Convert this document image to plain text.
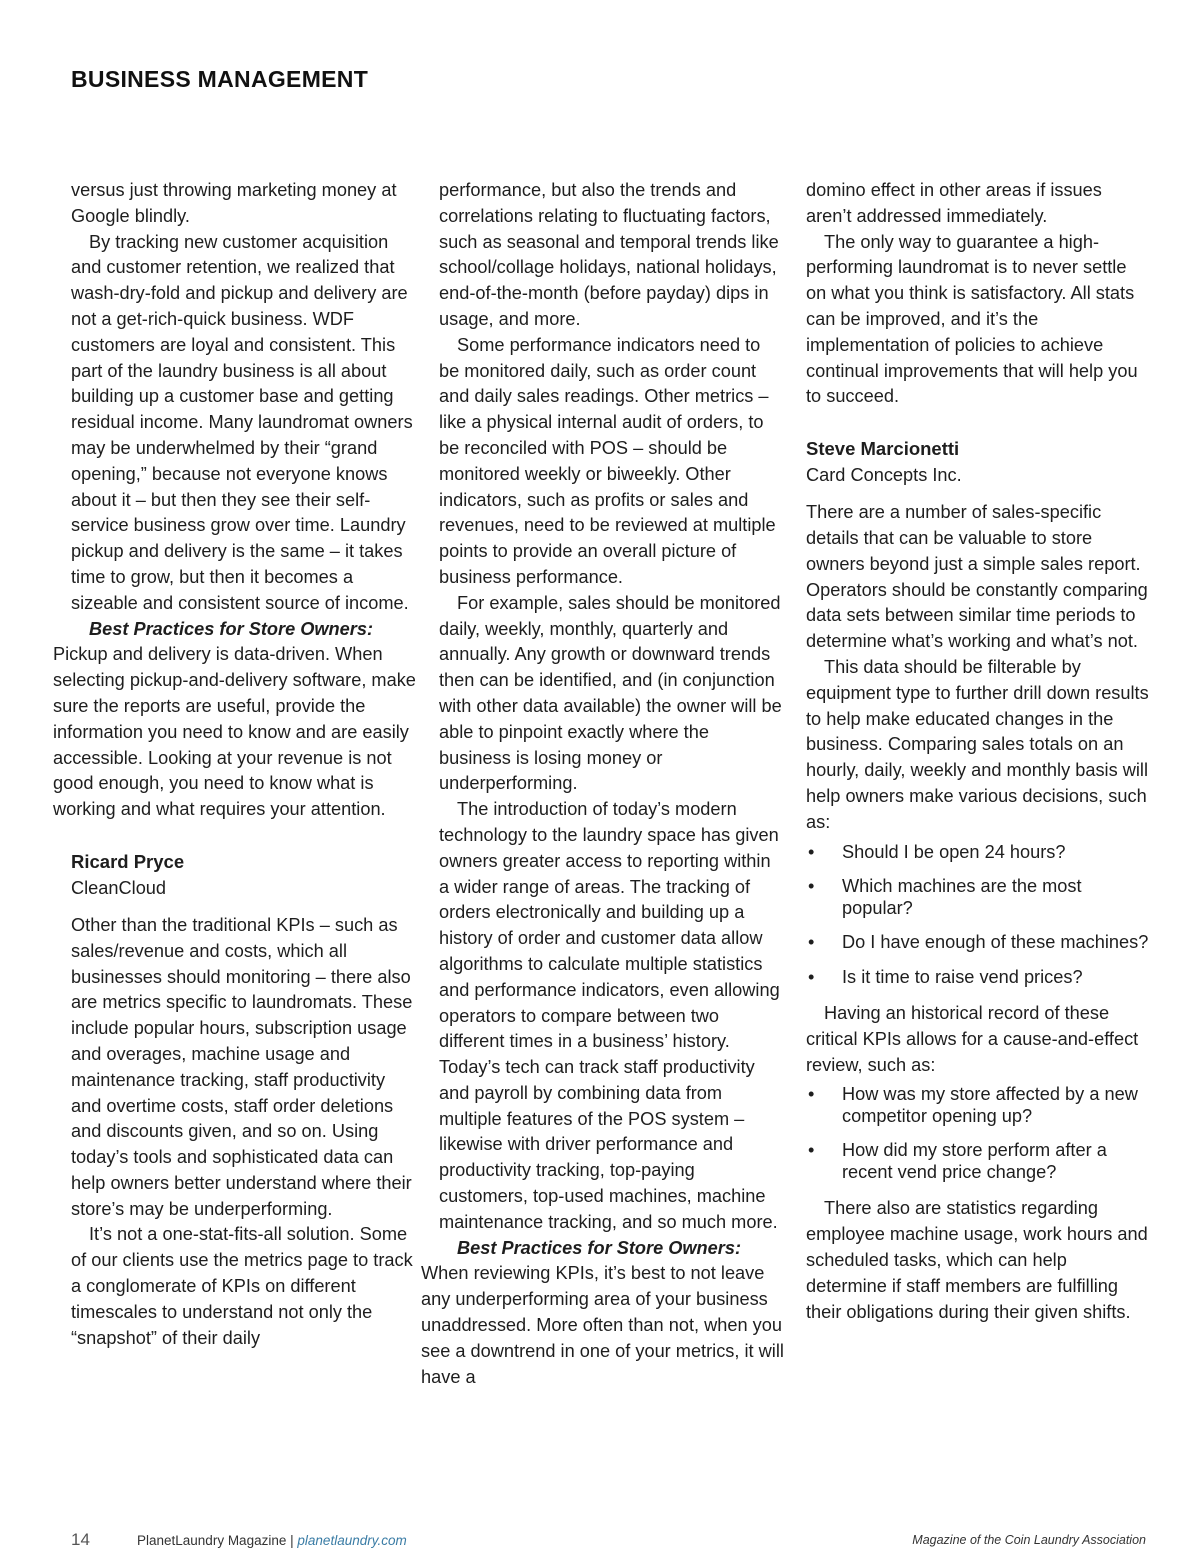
BUSINESS MANAGEMENT

versus just throwing marketing money at Google blindly.

By tracking new customer acquisition and customer retention, we realized that wash-dry-fold and pickup and delivery are not a get-rich-quick business. WDF customers are loyal and consistent. This part of the laundry business is all about building up a customer base and getting residual income. Many laundromat owners may be underwhelmed by their “grand opening,” because not everyone knows about it – but then they see their self-service business grow over time. Laundry pickup and delivery is the same – it takes time to grow, but then it becomes a sizeable and consistent source of income.

Best Practices for Store Owners:
Pickup and delivery is data-driven. When selecting pickup-and-delivery software, make sure the reports are useful, provide the information you need to know and are easily accessible. Looking at your revenue is not good enough, you need to know what is working and what requires your attention.

Ricard Pryce
CleanCloud

Other than the traditional KPIs – such as sales/revenue and costs, which all businesses should monitoring – there also are metrics specific to laundromats. These include popular hours, subscription usage and overages, machine usage and maintenance tracking, staff productivity and overtime costs, staff order deletions and discounts given, and so on. Using today’s tools and sophisticated data can help owners better understand where their store’s may be underperforming.

It’s not a one-stat-fits-all solution. Some of our clients use the metrics page to track a conglomerate of KPIs on different timescales to understand not only the “snapshot” of their daily

performance, but also the trends and correlations relating to fluctuating factors, such as seasonal and temporal trends like school/collage holidays, national holidays, end-of-the-month (before payday) dips in usage, and more.

Some performance indicators need to be monitored daily, such as order count and daily sales readings. Other metrics – like a physical internal audit of orders, to be reconciled with POS – should be monitored weekly or biweekly. Other indicators, such as profits or sales and revenues, need to be reviewed at multiple points to provide an overall picture of business performance.

For example, sales should be monitored daily, weekly, monthly, quarterly and annually. Any growth or downward trends then can be identified, and (in conjunction with other data available) the owner will be able to pinpoint exactly where the business is losing money or underperforming.

The introduction of today’s modern technology to the laundry space has given owners greater access to reporting within a wider range of areas. The tracking of orders electronically and building up a history of order and customer data allow algorithms to calculate multiple statistics and performance indicators, even allowing operators to compare between two different times in a business’ history. Today’s tech can track staff productivity and payroll by combining data from multiple features of the POS system – likewise with driver performance and productivity tracking, top-paying customers, top-used machines, machine maintenance tracking, and so much more.

Best Practices for Store Owners:
When reviewing KPIs, it’s best to not leave any underperforming area of your business unaddressed. More often than not, when you see a downtrend in one of your metrics, it will have a

domino effect in other areas if issues aren’t addressed immediately.

The only way to guarantee a high-performing laundromat is to never settle on what you think is satisfactory. All stats can be improved, and it’s the implementation of policies to achieve continual improvements that will help you to succeed.

Steve Marcionetti
Card Concepts Inc.

There are a number of sales-specific details that can be valuable to store owners beyond just a simple sales report. Operators should be constantly comparing data sets between similar time periods to determine what’s working and what’s not.

This data should be filterable by equipment type to further drill down results to help make educated changes in the business. Comparing sales totals on an hourly, daily, weekly and monthly basis will help owners make various decisions, such as:

• Should I be open 24 hours?
• Which machines are the most popular?
• Do I have enough of these machines?
• Is it time to raise vend prices?

Having an historical record of these critical KPIs allows for a cause-and-effect review, such as:

• How was my store affected by a new competitor opening up?
• How did my store perform after a recent vend price change?

There also are statistics regarding employee machine usage, work hours and scheduled tasks, which can help determine if staff members are fulfilling their obligations during their given shifts.

14	PlanetLaundry Magazine | planetlaundry.com	Magazine of the Coin Laundry Association
